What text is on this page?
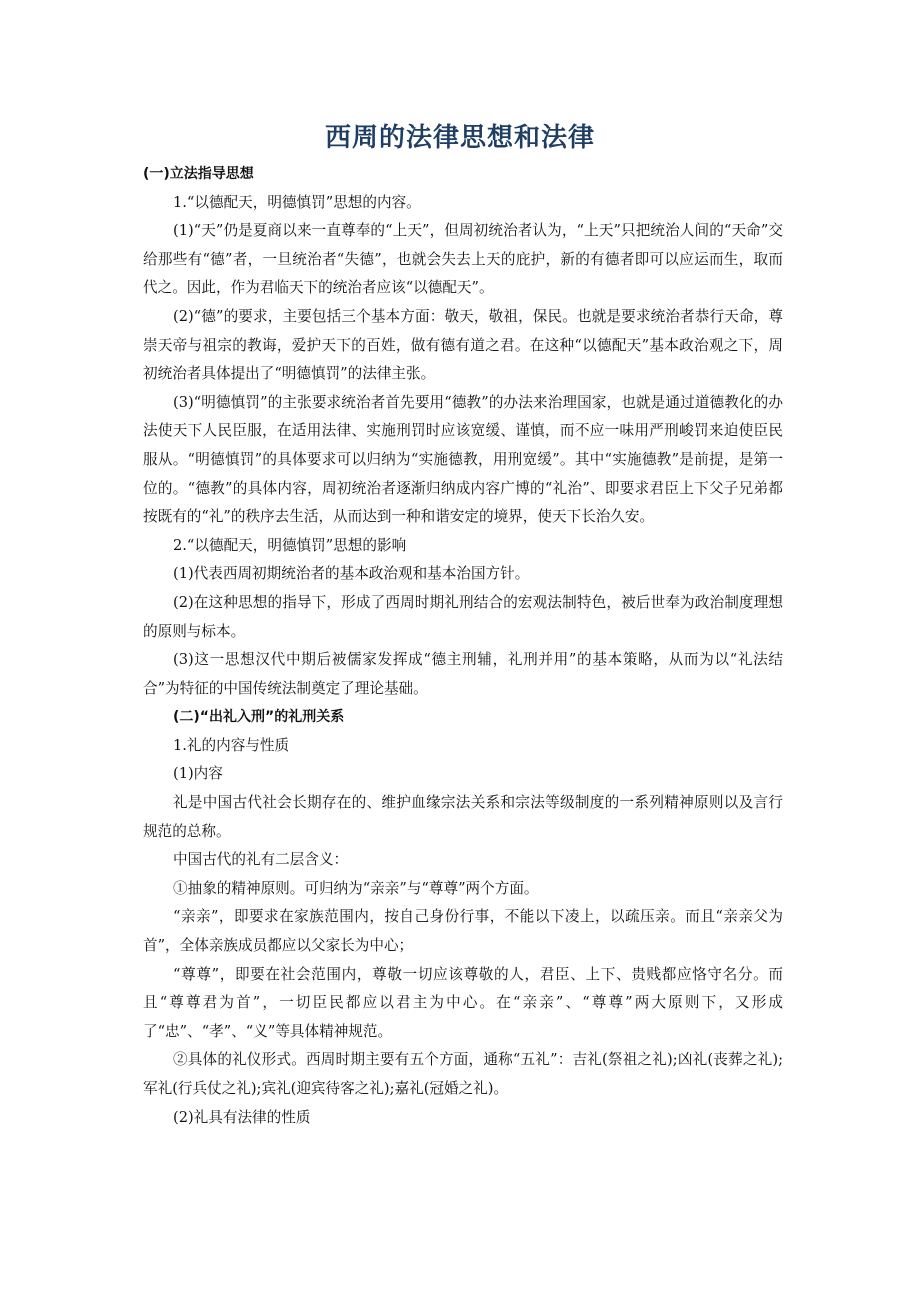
西周的法律思想和法律

(一)立法指导思想

1.“以德配天，明德慎罚”思想的内容。

(1)“天”仍是夏商以来一直尊奉的“上天”，但周初统治者认为，“上天”只把统治人间的“天命”交给那些有“德”者，一旦统治者“失德”，也就会失去上天的庇护，新的有德者即可以应运而生，取而代之。因此，作为君临天下的统治者应该“以德配天”。

(2)“德”的要求，主要包括三个基本方面：敬天，敬祖，保民。也就是要求统治者恭行天命，尊崇天帝与祖宗的教诲，爱护天下的百姓，做有德有道之君。在这种“以德配天”基本政治观之下，周初统治者具体提出了“明德慎罚”的法律主张。

(3)“明德慎罚”的主张要求统治者首先要用“德教”的办法来治理国家，也就是通过道德教化的办法使天下人民臣服，在适用法律、实施刑罚时应该宽缓、谨慎，而不应一味用严刑峻罚来迫使臣民服从。“明德慎罚”的具体要求可以归纳为“实施德教，用刑宽缓”。其中“实施德教”是前提，是第一位的。“德教”的具体内容，周初统治者逐渐归纳成内容广博的“礼治”、即要求君臣上下父子兄弟都按既有的“礼”的秩序去生活，从而达到一种和谐安定的境界，使天下长治久安。

2.“以德配天，明德慎罚”思想的影响

(1)代表西周初期统治者的基本政治观和基本治国方针。

(2)在这种思想的指导下，形成了西周时期礼刑结合的宏观法制特色，被后世奉为政治制度理想的原则与标本。

(3)这一思想汉代中期后被儒家发挥成“德主刑辅，礼刑并用”的基本策略，从而为以“礼法结合”为特征的中国传统法制奠定了理论基础。

(二)“出礼入刑”的礼刑关系

1.礼的内容与性质

(1)内容

礼是中国古代社会长期存在的、维护血缘宗法关系和宗法等级制度的一系列精神原则以及言行规范的总称。

中国古代的礼有二层含义：

①抽象的精神原则。可归纳为“亲亲”与“尊尊”两个方面。

“亲亲”，即要求在家族范围内，按自己身份行事，不能以下凌上，以疏压亲。而且“亲亲父为首”，全体亲族成员都应以父家长为中心；

“尊尊”，即要在社会范围内，尊敬一切应该尊敬的人，君臣、上下、贵贱都应恪守名分。而且“尊尊君为首”，一切臣民都应以君主为中心。在“亲亲”、“尊尊”两大原则下，又形成了“忠”、“孝”、“义”等具体精神规范。

②具体的礼仪形式。西周时期主要有五个方面，通称“五礼”：吉礼(祭祖之礼);凶礼(丧葬之礼);军礼(行兵仗之礼);宾礼(迎宾待客之礼);嘉礼(冠婚之礼)。

(2)礼具有法律的性质
